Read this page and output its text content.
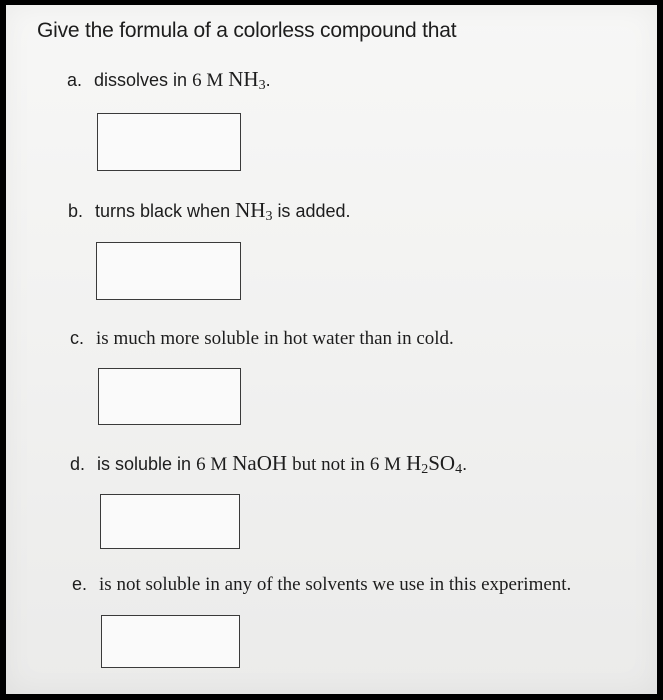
Give the formula of a colorless compound that
a. dissolves in 6 M $NH_3$.
b. turns black when $NH_3$ is added.
c. is much more soluble in hot water than in cold.
d. is soluble in 6 M NaOH but not in 6 M $H_2SO_4$.
e. is not soluble in any of the solvents we use in this experiment.
